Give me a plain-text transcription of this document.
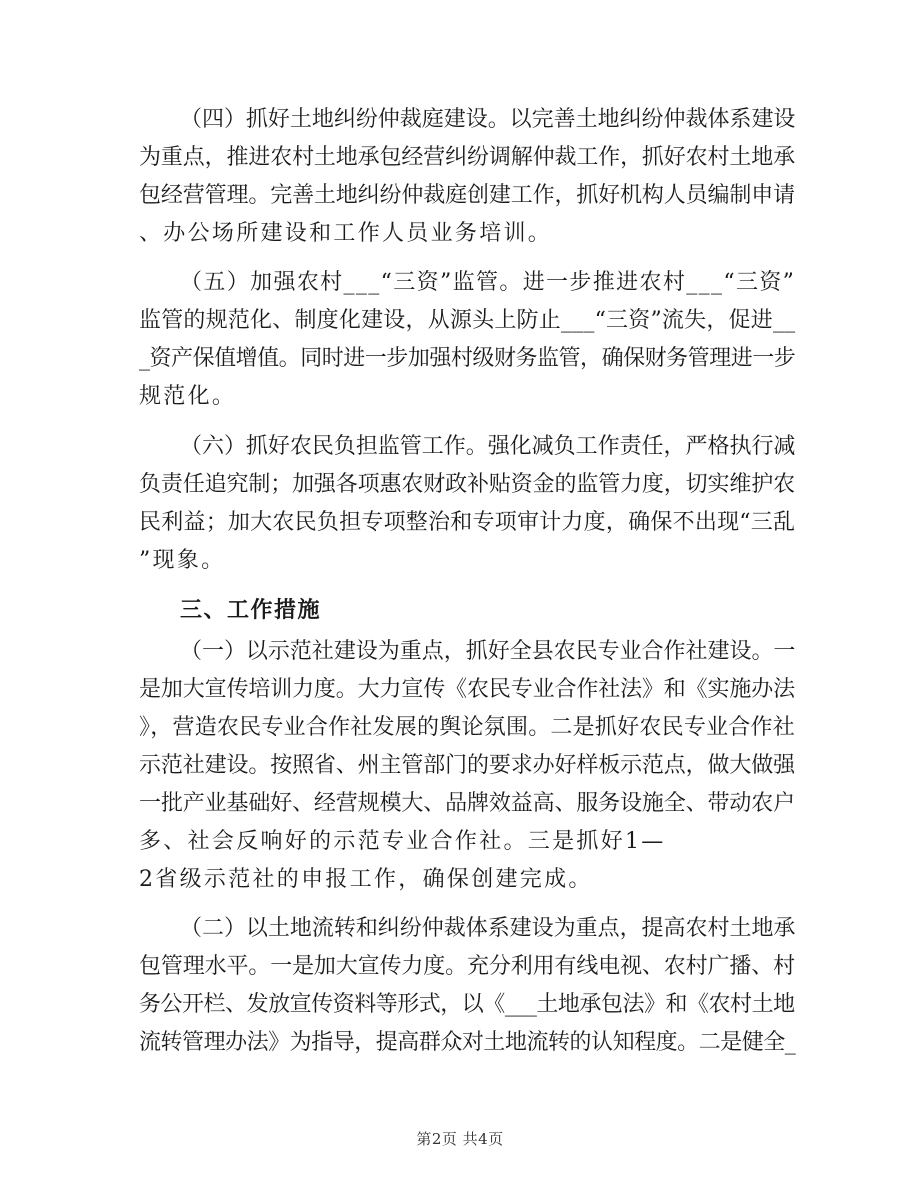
（四）抓好土地纠纷仲裁庭建设。以完善土地纠纷仲裁体系建设
为重点，推进农村土地承包经营纠纷调解仲裁工作，抓好农村土地承
包经营管理。完善土地纠纷仲裁庭创建工作，抓好机构人员编制申请
、办公场所建设和工作人员业务培训。
（五）加强农村___“三资”监管。进一步推进农村___“三资”
监管的规范化、制度化建设，从源头上防止___“三资”流失，促进__
_资产保值增值。同时进一步加强村级财务监管，确保财务管理进一步
规范化。
（六）抓好农民负担监管工作。强化减负工作责任，严格执行减
负责任追究制；加强各项惠农财政补贴资金的监管力度，切实维护农
民利益；加大农民负担专项整治和专项审计力度，确保不出现“三乱
”现象。
三、工作措施
（一）以示范社建设为重点，抓好全县农民专业合作社建设。一
是加大宣传培训力度。大力宣传《农民专业合作社法》和《实施办法
》，营造农民专业合作社发展的舆论氛围。二是抓好农民专业合作社
示范社建设。按照省、州主管部门的要求办好样板示范点，做大做强
一批产业基础好、经营规模大、品牌效益高、服务设施全、带动农户
多、社会反响好的示范专业合作社。三是抓好1—
2省级示范社的申报工作，确保创建完成。
（二）以土地流转和纠纷仲裁体系建设为重点，提高农村土地承
包管理水平。一是加大宣传力度。充分利用有线电视、农村广播、村
务公开栏、发放宣传资料等形式，以《___土地承包法》和《农村土地
流转管理办法》为指导，提高群众对土地流转的认知程度。二是健全_
第2页 共4页
